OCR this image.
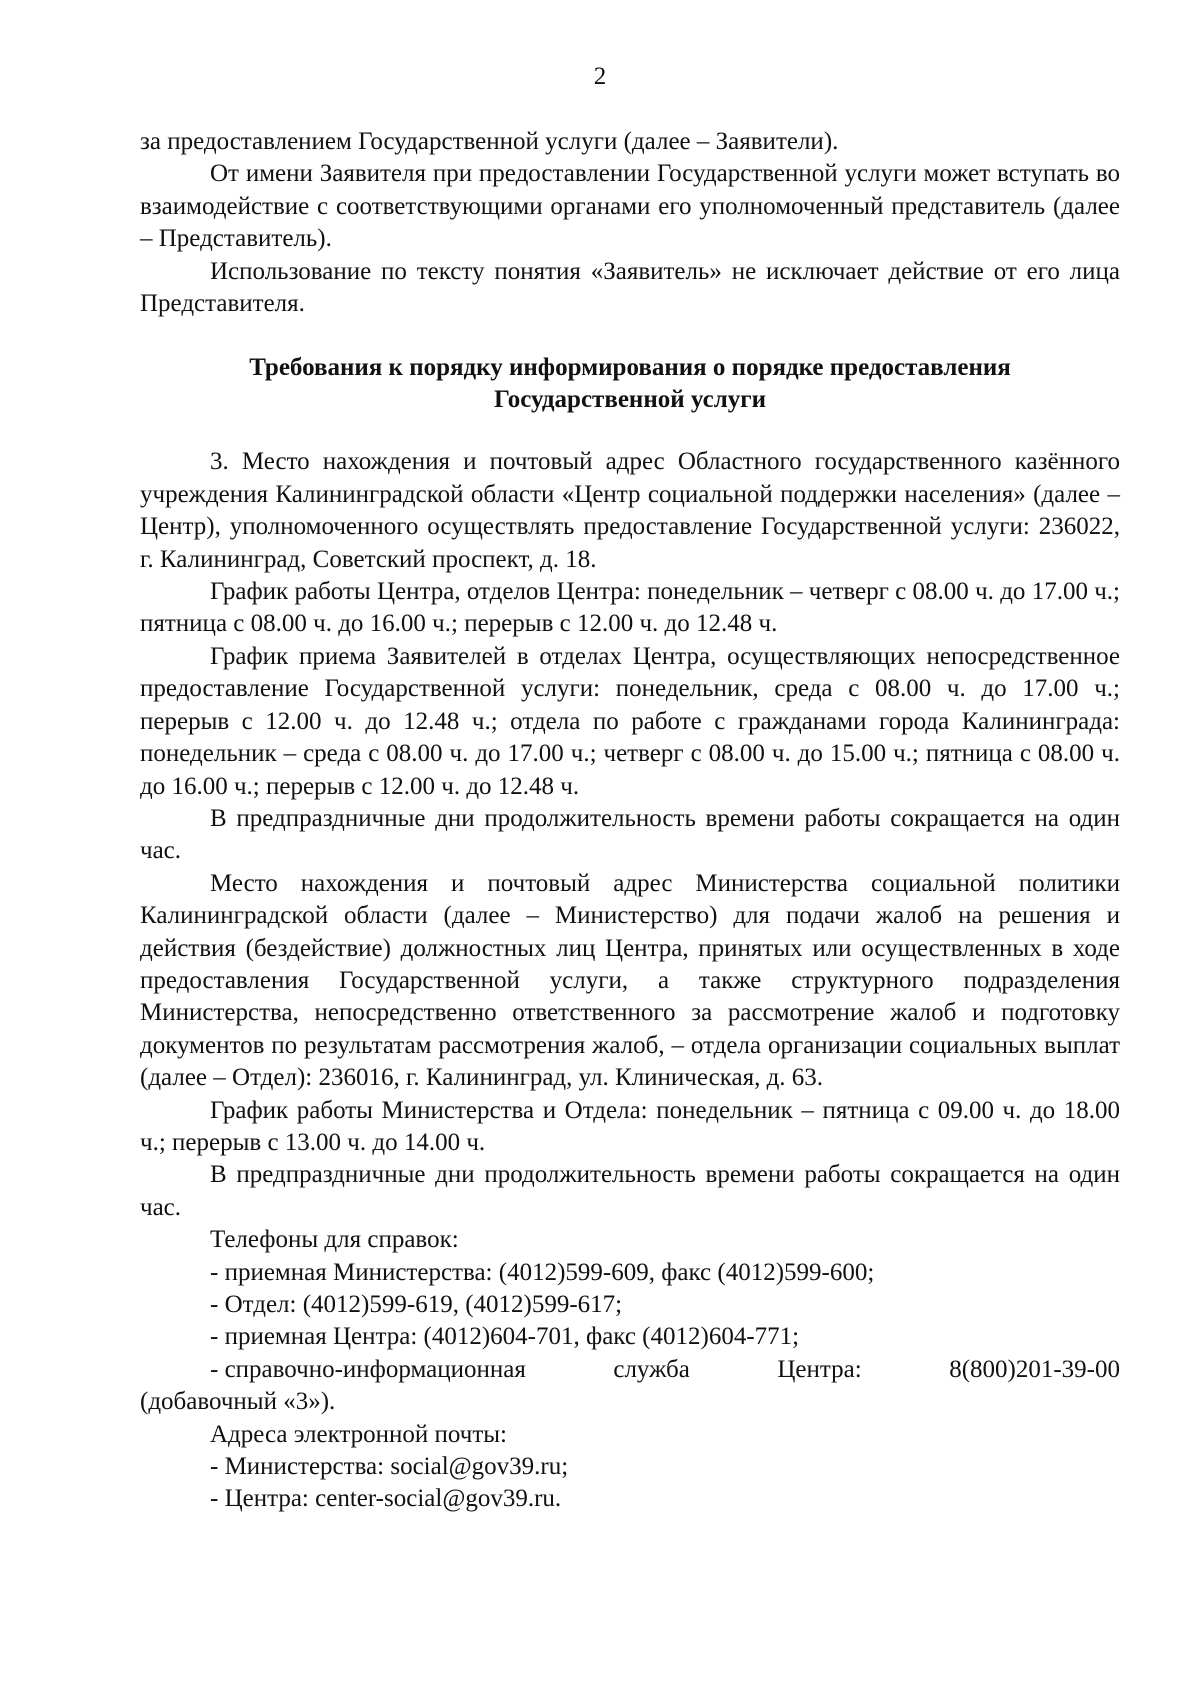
2

за предоставлением Государственной услуги (далее – Заявители).

От имени Заявителя при предоставлении Государственной услуги может вступать во взаимодействие с соответствующими органами его уполномоченный представитель (далее – Представитель).

Использование по тексту понятия «Заявитель» не исключает действие от его лица Представителя.

Требования к порядку информирования о порядке предоставления
Государственной услуги

3. Место нахождения и почтовый адрес Областного государственного казённого учреждения Калининградской области «Центр социальной поддержки населения» (далее – Центр), уполномоченного осуществлять предоставление Государственной услуги: 236022, г. Калининград, Советский проспект, д. 18.

График работы Центра, отделов Центра: понедельник – четверг с 08.00 ч. до 17.00 ч.; пятница с 08.00 ч. до 16.00 ч.; перерыв с 12.00 ч. до 12.48 ч.

График приема Заявителей в отделах Центра, осуществляющих непосредственное предоставление Государственной услуги: понедельник, среда с 08.00 ч. до 17.00 ч.; перерыв с 12.00 ч. до 12.48 ч.; отдела по работе с гражданами города Калининграда: понедельник – среда с 08.00 ч. до 17.00 ч.; четверг с 08.00 ч. до 15.00 ч.; пятница с 08.00 ч. до 16.00 ч.; перерыв с 12.00 ч. до 12.48 ч.

В предпраздничные дни продолжительность времени работы сокращается на один час.

Место нахождения и почтовый адрес Министерства социальной политики Калининградской области (далее – Министерство) для подачи жалоб на решения и действия (бездействие) должностных лиц Центра, принятых или осуществленных в ходе предоставления Государственной услуги, а также структурного подразделения Министерства, непосредственно ответственного за рассмотрение жалоб и подготовку документов по результатам рассмотрения жалоб, – отдела организации социальных выплат (далее – Отдел): 236016, г. Калининград, ул. Клиническая, д. 63.

График работы Министерства и Отдела: понедельник – пятница с 09.00 ч. до 18.00 ч.; перерыв с 13.00 ч. до 14.00 ч.

В предпраздничные дни продолжительность времени работы сокращается на один час.

Телефоны для справок:

- приемная Министерства: (4012)599-609, факс (4012)599-600;

- Отдел: (4012)599-619, (4012)599-617;

- приемная Центра: (4012)604-701, факс (4012)604-771;

- справочно-информационная	служба	Центра:	8(800)201-39-00

(добавочный «3»).

Адреса электронной почты:

- Министерства: social@gov39.ru;

- Центра: center-social@gov39.ru.
